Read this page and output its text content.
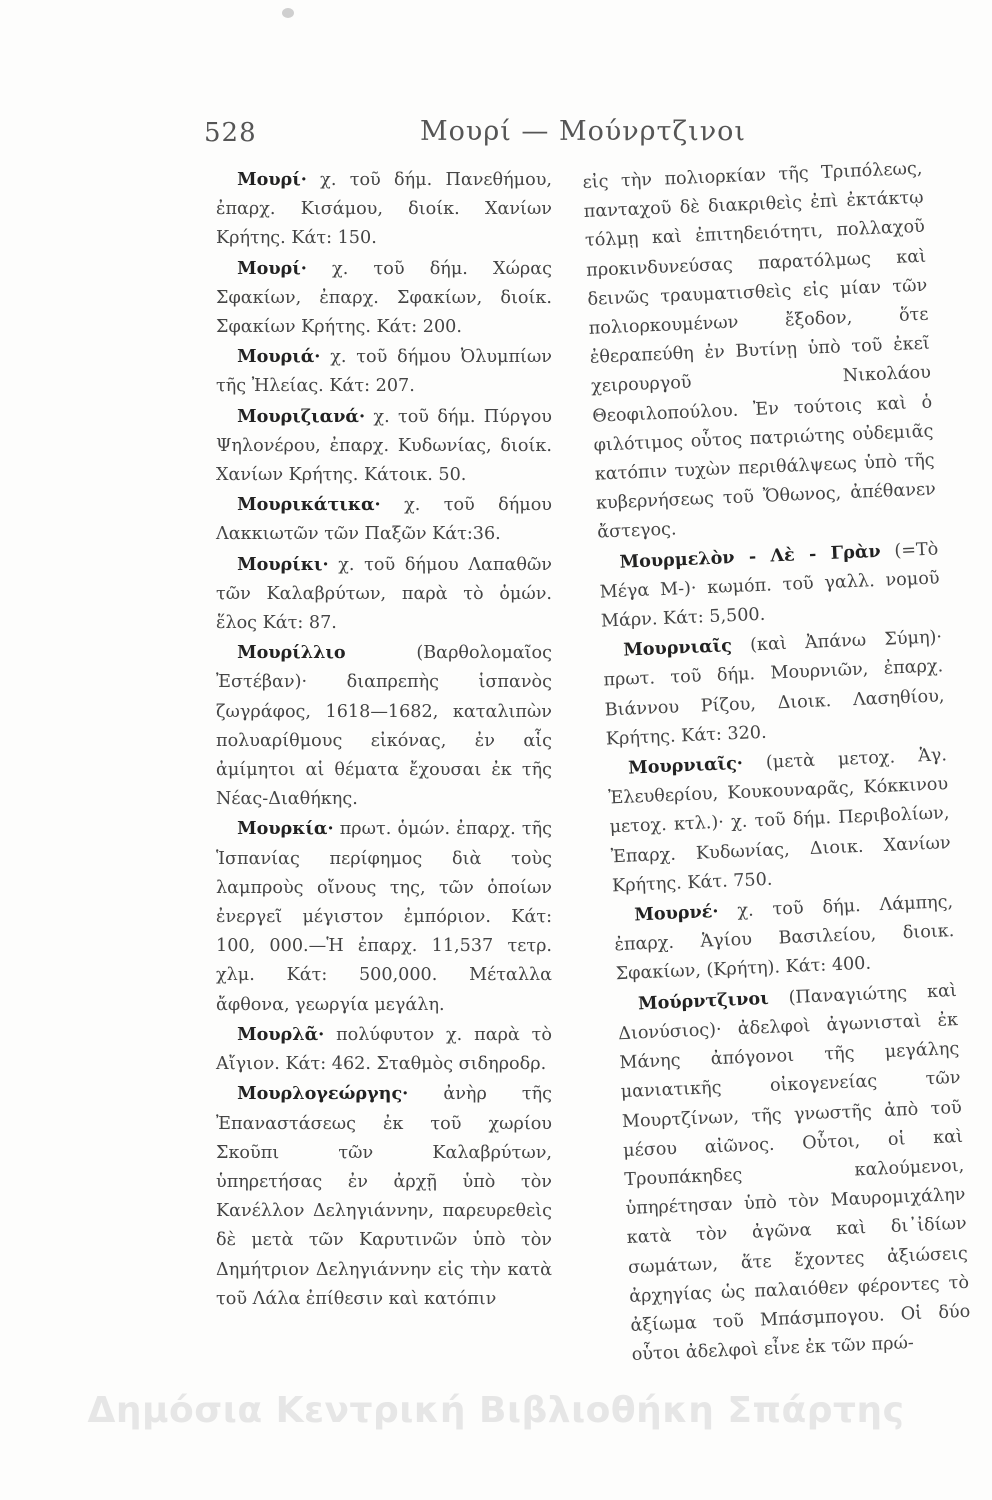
528	Μουρί — Μούνρτζινοι

Μουρί· χ. τοῦ δήμ. Πανεθήμου, ἐπαρχ. Κισάμου, διοίκ. Χανίων Κρήτης. Κάτ: 150.

Μουρί· χ. τοῦ δήμ. Χώρας Σφακίων, ἐπαρχ. Σφακίων, διοίκ. Σφακίων Κρήτης. Κάτ: 200.

Μουριά· χ. τοῦ δήμου Ὀλυμπίων τῆς Ἠλείας. Κάτ: 207.

Μουριζιανά· χ. τοῦ δήμ. Πύργου Ψηλονέρου, ἐπαρχ. Κυδωνίας, διοίκ. Χανίων Κρήτης. Κάτοικ. 50.

Μουρικάτικα· χ. τοῦ δήμου Λακκιωτῶν τῶν Παξῶν Κάτ:36.

Μουρίκι· χ. τοῦ δήμου Λαπαθῶν τῶν Καλαβρύτων, παρὰ τὸ ὁμών. ἕλος Κάτ: 87.

Μουρίλλιο (Βαρθολομαῖος Ἐστέβαν)· διαπρεπὴς ἱσπανὸς ζωγράφος, 1618—1682, καταλιπὼν πολυαρίθμους εἰκόνας, ἐν αἷς ἀμίμητοι αἱ θέματα ἔχουσαι ἐκ τῆς Νέας-Διαθήκης.

Μουρκία· πρωτ. ὁμών. ἐπαρχ. τῆς Ἱσπανίας περίφημος διὰ τοὺς λαμπροὺς οἴνους της, τῶν ὁποίων ἐνεργεῖ μέγιστον ἐμπόριον. Κάτ: 100, 000.—Ἡ ἐπαρχ. 11,537 τετρ. χλμ. Κάτ: 500,000. Μέταλλα ἄφθονα, γεωργία μεγάλη.

Μουρλᾶ· πολύφυτον χ. παρὰ τὸ Αἴγιον. Κάτ: 462. Σταθμὸς σιδηροδρ.

Μουρλογεώργης· ἀνὴρ τῆς Ἐπαναστάσεως ἐκ τοῦ χωρίου Σκοῦπι τῶν Καλαβρύτων, ὑπηρετήσας ἐν ἀρχῇ ὑπὸ τὸν Κανέλλον Δεληγιάννην, παρευρεθεὶς δὲ μετὰ τῶν Καρυτινῶν ὑπὸ τὸν Δημήτριον Δεληγιάννην εἰς τὴν κατὰ τοῦ Λάλα ἐπίθεσιν καὶ κατόπιν

εἰς τὴν πολιορκίαν τῆς Τριπόλεως, πανταχοῦ δὲ διακριθεὶς ἐπὶ ἐκτάκτῳ τόλμῃ καὶ ἐπιτηδειότητι, πολλαχοῦ προκινδυνεύσας παρατόλμως καὶ δεινῶς τραυματισθεὶς εἰς μίαν τῶν πολιορκουμένων ἔξοδον, ὅτε ἐθεραπεύθη ἐν Βυτίνῃ ὑπὸ τοῦ ἐκεῖ χειρουργοῦ Νικολάου Θεοφιλοπούλου. Ἐν τούτοις καὶ ὁ φιλότιμος οὗτος πατριώτης οὐδεμιᾶς κατόπιν τυχὼν περιθάλψεως ὑπὸ τῆς κυβερνήσεως τοῦ Ὄθωνος, ἀπέθανεν ἄστεγος.

Μουρμελὸν - Λὲ - Γρὰν (=Τὸ Μέγα Μ-)· κωμόπ. τοῦ γαλλ. νομοῦ Μάρν. Κάτ: 5,500.

Μουρνιαῖς (καὶ Ἀπάνω Σύμη)· πρωτ. τοῦ δήμ. Μουρνιῶν, ἐπαρχ. Βιάννου Ρίζου, Διοικ. Λασηθίου, Κρήτης. Κάτ: 320.

Μουρνιαῖς· (μετὰ μετοχ. Ἁγ. Ἐλευθερίου, Κουκουναρᾶς, Κόκκινου μετοχ. κτλ.)· χ. τοῦ δήμ. Περιβολίων, Ἐπαρχ. Κυδωνίας, Διοικ. Χανίων Κρήτης. Κάτ. 750.

Μουρνέ· χ. τοῦ δήμ. Λάμπης, ἐπαρχ. Ἁγίου Βασιλείου, διοικ. Σφακίων, (Κρήτη). Κάτ: 400.

Μούρντζινοι (Παναγιώτης καὶ Διονύσιος)· ἀδελφοὶ ἀγωνισταὶ ἐκ Μάνης ἀπόγονοι τῆς μεγάλης μανιατικῆς οἰκογενείας τῶν Μουρτζίνων, τῆς γνωστῆς ἀπὸ τοῦ μέσου αἰῶνος. Οὗτοι, οἱ καὶ Τρουπάκηδες καλούμενοι, ὑπηρέτησαν ὑπὸ τὸν Μαυρομιχάλην κατὰ τὸν ἀγῶνα καὶ δι᾽ἰδίων σωμάτων, ἅτε ἔχοντες ἀξιώσεις ἀρχηγίας ὡς παλαιόθεν φέροντες τὸ ἀξίωμα τοῦ Μπάσμπογου. Οἱ δύο οὗτοι ἀδελφοὶ εἶνε ἐκ τῶν πρώ-

Δημόσια Κεντρική Βιβλιοθήκη Σπάρτης
